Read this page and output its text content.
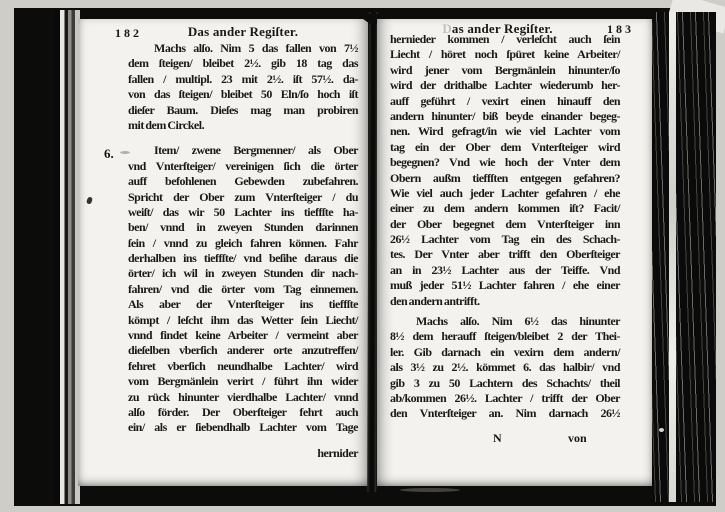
182	Das ander Regiſter.
6.
Machs alſo. Nim 5 das fallen von 7½
dem ſteigen/ bleibet 2½. gib 18 tag das
fallen / multipl. 23 mit 2½. iſt 57½. da-
von das ſteigen/ bleibet 50 Eln/ſo hoch iſt
dieſer Baum. Dieſes mag man probiren
mit dem Circkel.
Item/ zwene Bergmenner/ als Ober
vnd Vnterſteiger/ vereinigen ſich die örter
auff befohlenen Gebewden zubefahren.
Spricht der Ober zum Vnterſteiger / du
weiſt/ das wir 50 Lachter ins tieffſte ha-
ben/ vnnd in zweyen Stunden darinnen
ſein / vnnd zu gleich fahren können. Fahr
derhalben ins tieffſte/ vnd beſihe daraus die
örter/ ich wil in zweyen Stunden dir nach-
fahren/ vnd die örter vom Tag einnemen.
Als aber der Vnterſteiger ins tieffſte
kömpt / leſcht ihm das Wetter ſein Liecht/
vnnd findet keine Arbeiter / vermeint aber
dieſelben vberſich anderer orte anzutreffen/
fehret vberſich neundhalbe Lachter/ wird
vom Bergmänlein verirt / führt ihn wider
zu rück hinunter vierdhalbe Lachter/ vnnd
alſo förder. Der Oberſteiger fehrt auch
ein/ als er ſiebendhalb Lachter vom Tage
hernider
Das ander Regiſter.	183
hernieder kommen / verleſcht auch ſein
Liecht / höret noch ſpüret keine Arbeiter/
wird jener vom Bergmänlein hinunter/ſo
wird der drithalbe Lachter wiederumb her-
auff geführt / vexirt einen hinauff den
andern hinunter/ biß beyde einander begeg-
nen. Wird gefragt/in wie viel Lachter vom
tag ein der Ober dem Vnterſteiger wird
begegnen? Vnd wie hoch der Vnter dem
Obern außm tieffſten entgegen gefahren?
Wie viel auch jeder Lachter gefahren / ehe
einer zu dem andern kommen iſt? Facit/
der Ober begegnet dem Vnterſteiger inn
26½ Lachter vom Tag ein des Schach-
tes. Der Vnter aber trifft den Oberſteiger
an in 23½ Lachter aus der Teiffe. Vnd
muß jeder 51½ Lachter fahren / ehe einer
den andern antrifft.
Machs alſo. Nim 6½ das hinunter
8½ dem herauff ſteigen/bleibet 2 der Thei-
ler. Gib darnach ein vexirn dem andern/
als 3½ zu 2½. kömmet 6. das halbir/ vnd
gib 3 zu 50 Lachtern des Schachts/ theil
ab/kommen 26½. Lachter / trifft der Ober
den Vnterſteiger an. Nim darnach 26½
N	von
